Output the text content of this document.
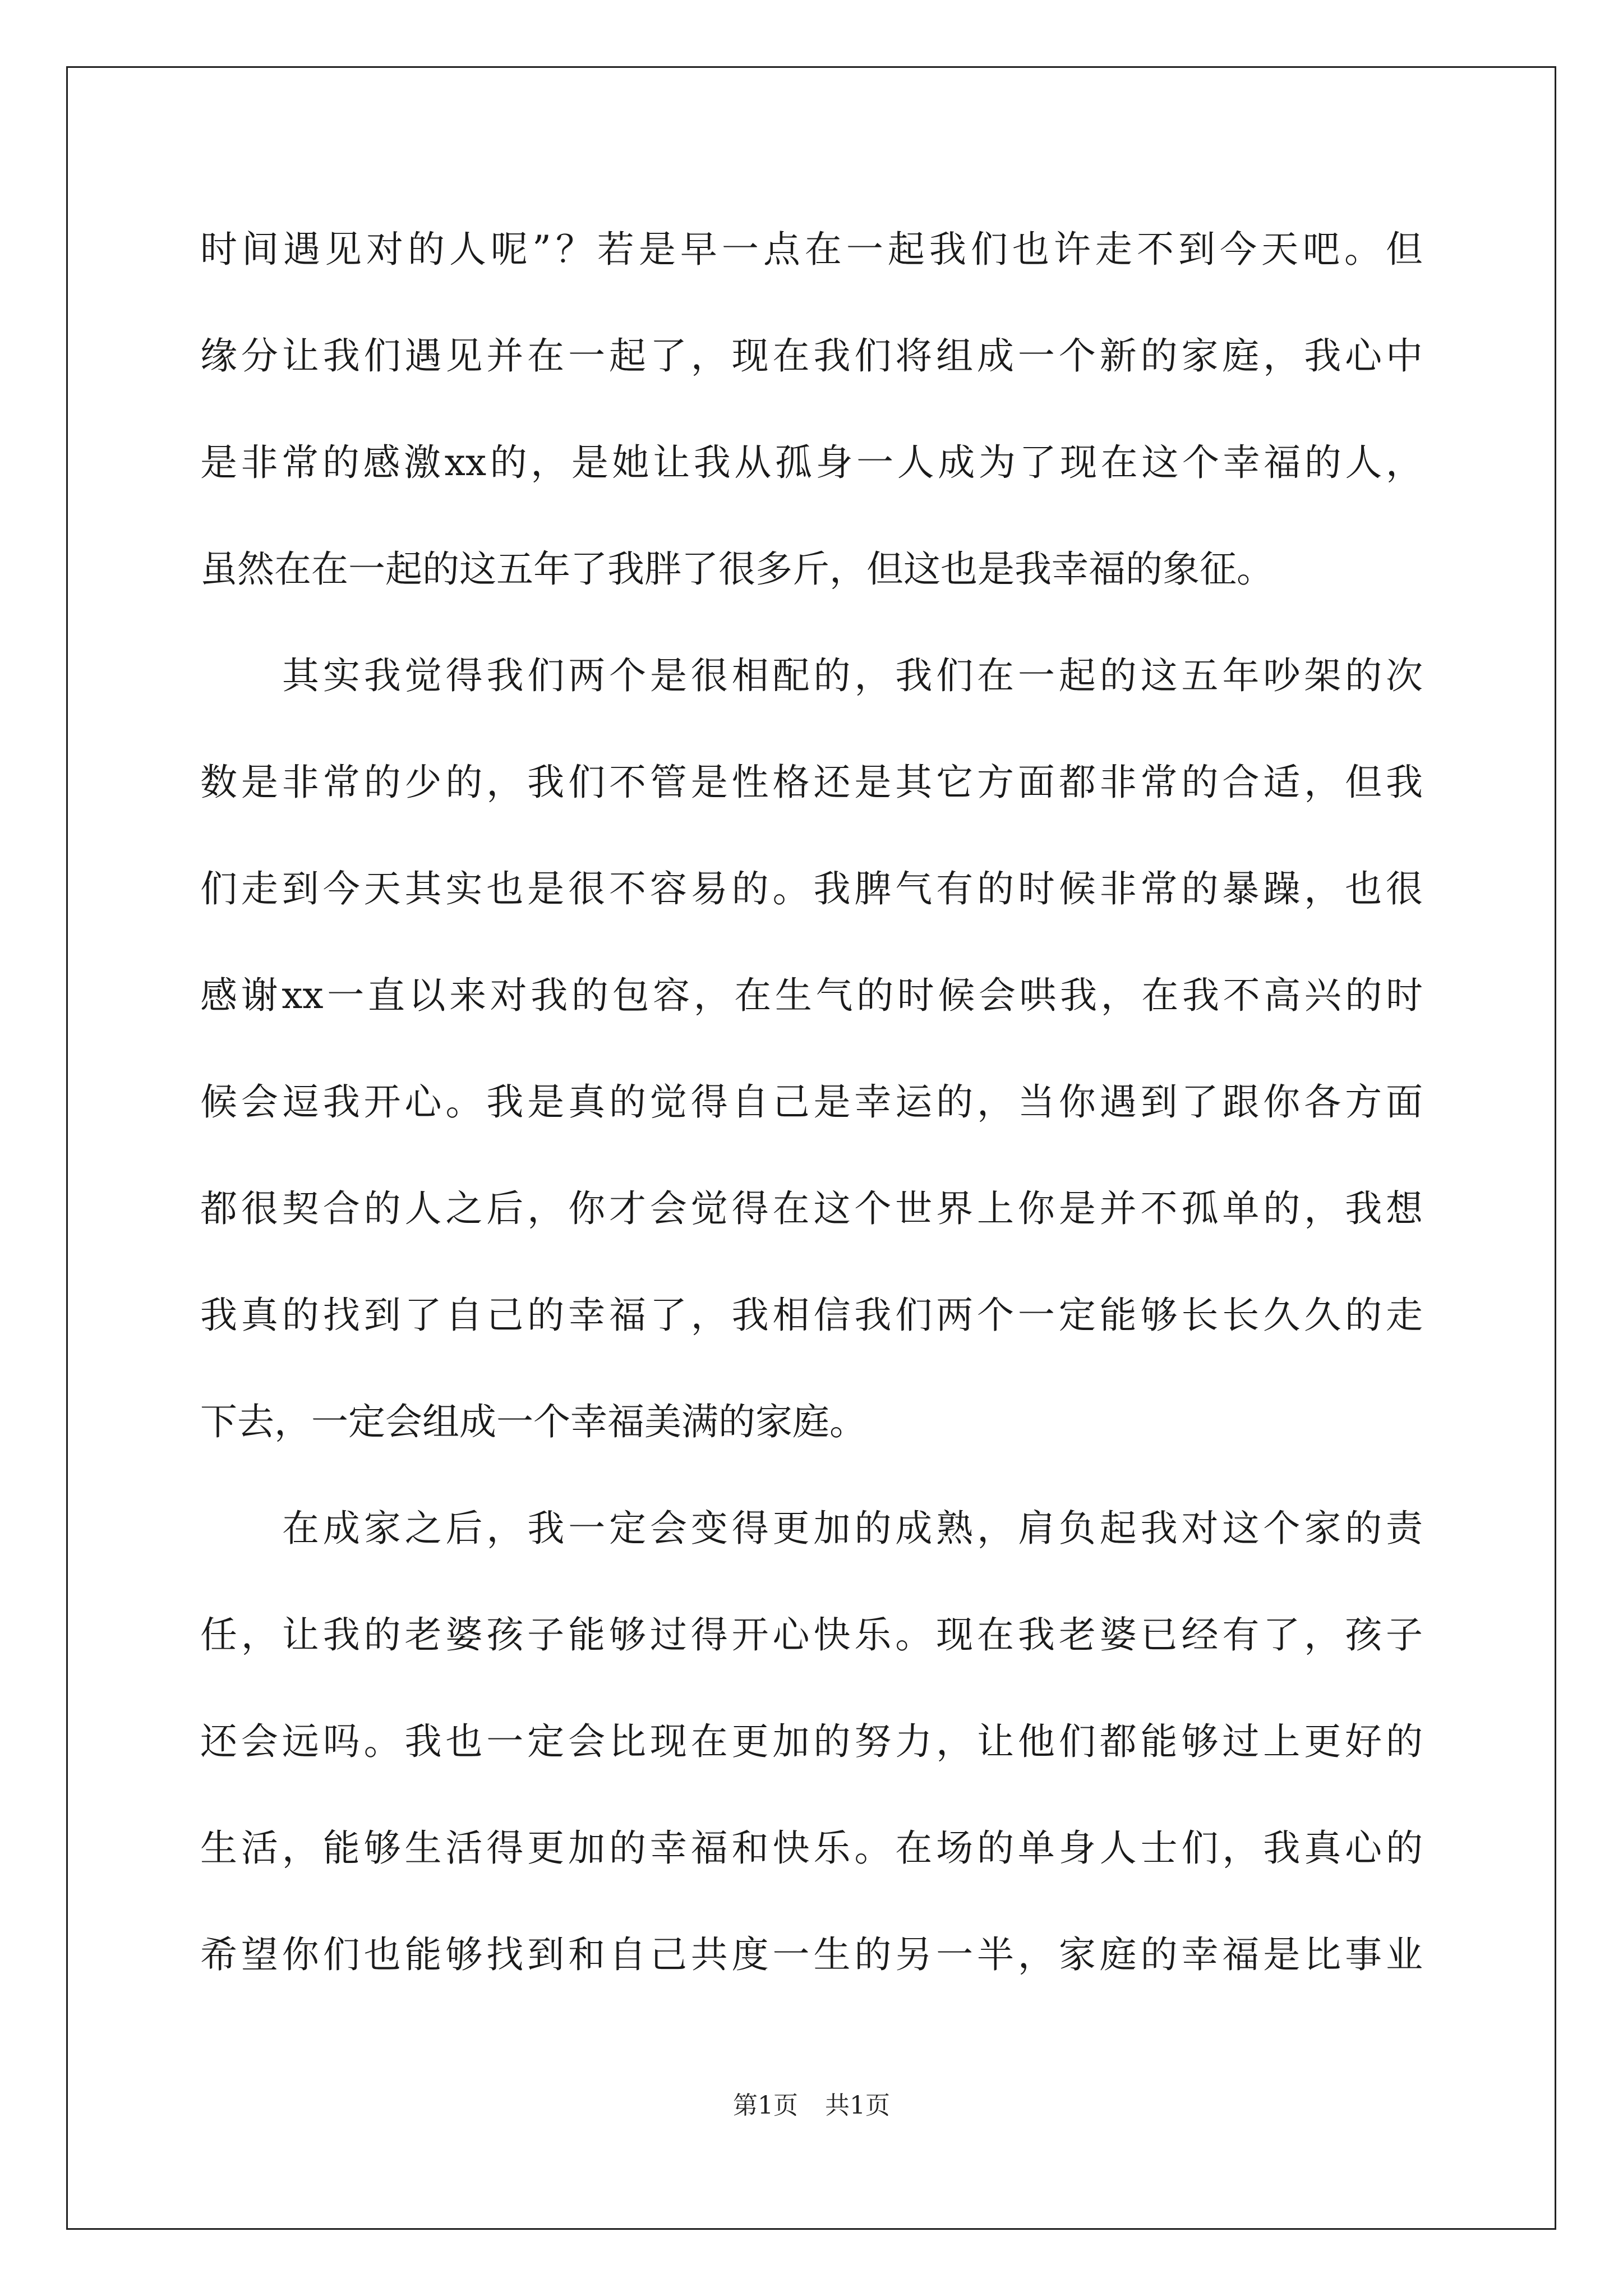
时间遇见对的人呢”？若是早一点在一起我们也许走不到今天吧。但
缘分让我们遇见并在一起了，现在我们将组成一个新的家庭，我心中
是非常的感激xx的，是她让我从孤身一人成为了现在这个幸福的人，
虽然在在一起的这五年了我胖了很多斤，但这也是我幸福的象征。
其实我觉得我们两个是很相配的，我们在一起的这五年吵架的次
数是非常的少的，我们不管是性格还是其它方面都非常的合适，但我
们走到今天其实也是很不容易的。我脾气有的时候非常的暴躁，也很
感谢xx一直以来对我的包容，在生气的时候会哄我，在我不高兴的时
候会逗我开心。我是真的觉得自己是幸运的，当你遇到了跟你各方面
都很契合的人之后，你才会觉得在这个世界上你是并不孤单的，我想
我真的找到了自己的幸福了，我相信我们两个一定能够长长久久的走
下去，一定会组成一个幸福美满的家庭。
在成家之后，我一定会变得更加的成熟，肩负起我对这个家的责
任，让我的老婆孩子能够过得开心快乐。现在我老婆已经有了，孩子
还会远吗。我也一定会比现在更加的努力，让他们都能够过上更好的
生活，能够生活得更加的幸福和快乐。在场的单身人士们，我真心的
希望你们也能够找到和自己共度一生的另一半，家庭的幸福是比事业
第1页 共1页
